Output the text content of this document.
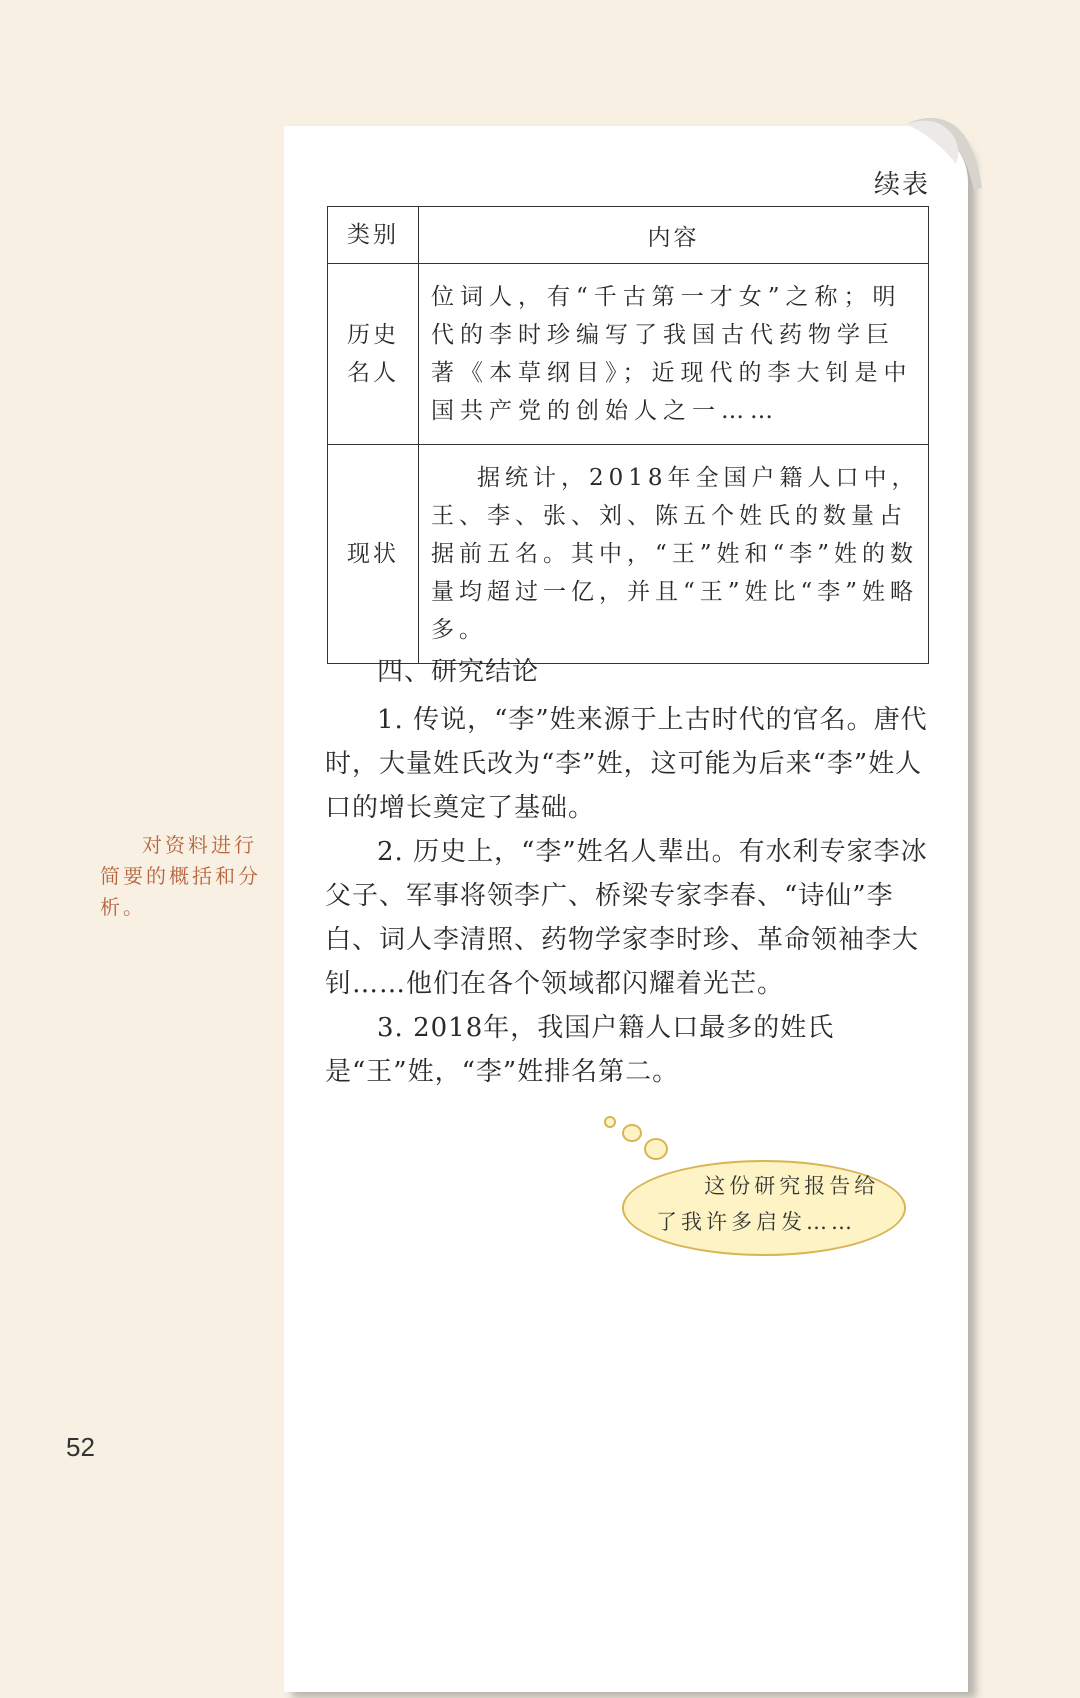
续表
类别	内容

历史名人	位词人，有“千古第一才女”之称；明代的李时珍编写了我国古代药物学巨著《本草纲目》；近现代的李大钊是中国共产党的创始人之一……
现状	据统计，2018年全国户籍人口中，王、李、张、刘、陈五个姓氏的数量占据前五名。其中，“王”姓和“李”姓的数量均超过一亿，并且“王”姓比“李”姓略多。

四、研究结论

1. 传说，“李”姓来源于上古时代的官名。唐代时，大量姓氏改为“李”姓，这可能为后来“李”姓人口的增长奠定了基础。

2. 历史上，“李”姓名人辈出。有水利专家李冰父子、军事将领李广、桥梁专家李春、“诗仙”李白、词人李清照、药物学家李时珍、革命领袖李大钊……他们在各个领域都闪耀着光芒。

3. 2018年，我国户籍人口最多的姓氏是“王”姓，“李”姓排名第二。

对资料进行简要的概括和分析。
这份研究报告给了我许多启发……
52
